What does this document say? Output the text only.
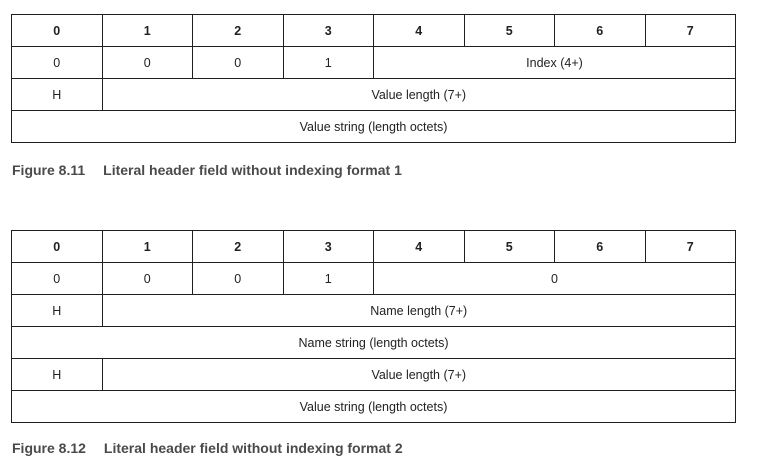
0	1	2	3	4	5	6	7
0	0	0	1	Index (4+)			
H	Value length (7+)						
Value string (length octets)							
Figure 8.11 Literal header field without indexing format 1
0	1	2	3	4	5	6	7
0	0	0	1	0			
H	Name length (7+)						
Name string (length octets)							
H	Value length (7+)						
Value string (length octets)							
Figure 8.12 Literal header field without indexing format 2
